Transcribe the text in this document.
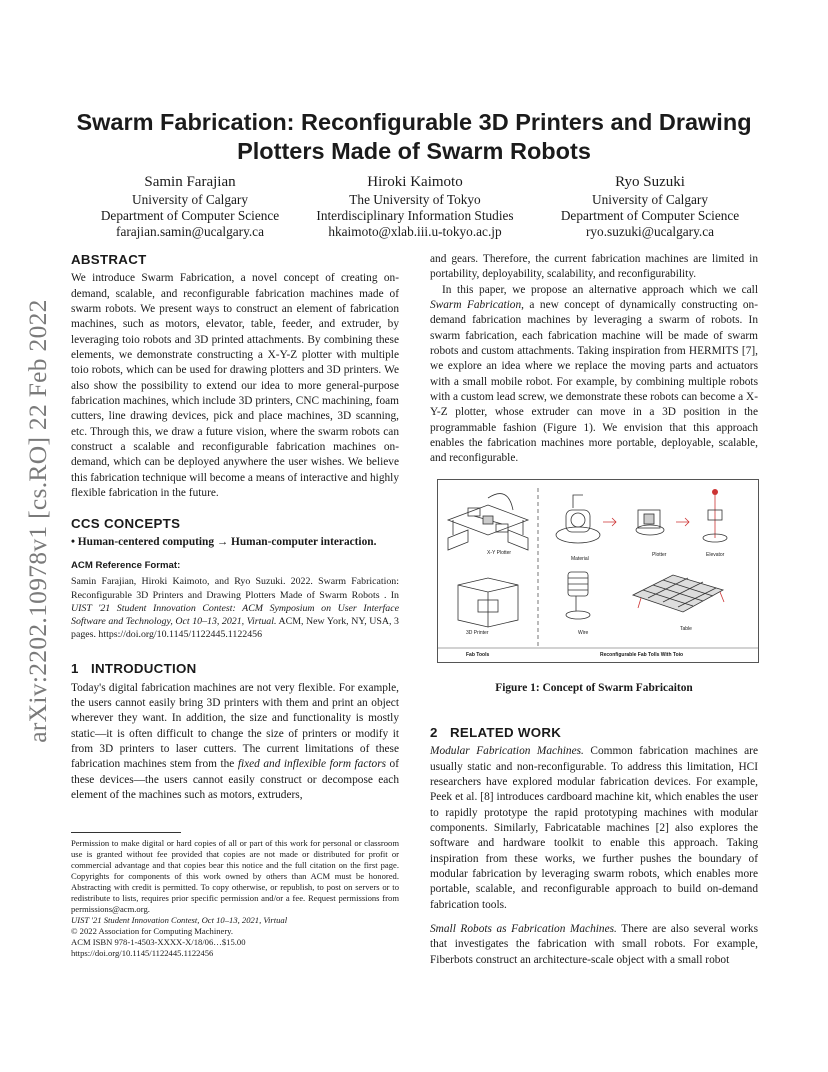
arXiv:2202.10978v1 [cs.RO] 22 Feb 2022
Swarm Fabrication: Reconfigurable 3D Printers and Drawing Plotters Made of Swarm Robots
Samin Farajian
University of Calgary
Department of Computer Science
farajian.samin@ucalgary.ca
Hiroki Kaimoto
The University of Tokyo
Interdisciplinary Information Studies
hkaimoto@xlab.iii.u-tokyo.ac.jp
Ryo Suzuki
University of Calgary
Department of Computer Science
ryo.suzuki@ucalgary.ca
ABSTRACT

We introduce Swarm Fabrication, a novel concept of creating on-demand, scalable, and reconfigurable fabrication machines made of swarm robots. We present ways to construct an element of fabrication machines, such as motors, elevator, table, feeder, and extruder, by leveraging toio robots and 3D printed attachments. By combining these elements, we demonstrate constructing a X-Y-Z plotter with multiple toio robots, which can be used for drawing plotters and 3D printers. We also show the possibility to extend our idea to more general-purpose fabrication machines, which include 3D printers, CNC machining, foam cutters, line drawing devices, pick and place machines, 3D scanning, etc. Through this, we draw a future vision, where the swarm robots can construct a scalable and reconfigurable fabrication machines on-demand, which can be deployed anywhere the user wishes. We believe this fabrication technique will become a means of interactive and highly flexible fabrication in the future.

CCS CONCEPTS

• Human-centered computing → Human-computer interaction.

ACM Reference Format:

Samin Farajian, Hiroki Kaimoto, and Ryo Suzuki. 2022. Swarm Fabrication: Reconfigurable 3D Printers and Drawing Plotters Made of Swarm Robots . In UIST '21 Student Innovation Contest: ACM Symposium on User Interface Software and Technology, Oct 10–13, 2021, Virtual. ACM, New York, NY, USA, 3 pages. https://doi.org/10.1145/1122445.1122456

1 INTRODUCTION

Today's digital fabrication machines are not very flexible. For example, the users cannot easily bring 3D printers with them and print an object wherever they want. In addition, the size and functionality is mostly static—it is often difficult to change the size of printers or modify it from 3D printers to laser cutters. The current limitations of these fabrication machines stem from the fixed and inflexible form factors of these devices—the users cannot easily construct or decompose each element of the machines such as motors, extruders,

and gears. Therefore, the current fabrication machines are limited in portability, deployability, scalability, and reconfigurability.

In this paper, we propose an alternative approach which we call Swarm Fabrication, a new concept of dynamically constructing on-demand fabrication machines by leveraging a swarm of robots. In swarm fabrication, each fabrication machine will be made of swarm robots and custom attachments. Taking inspiration from HERMITS [7], we explore an idea where we replace the moving parts and actuators with a small mobile robot. For example, by combining multiple robots with a custom lead screw, we demonstrate these robots can become a X-Y-Z plotter, whose extruder can move in a 3D position in the programmable fashion (Figure 1). We envision that this approach enables the fabrication machines more portable, deployable, scalable, and reconfigurable.

X-Y Plotter
Material
Plotter	Elevator
3D Printer	Wire
Table
Fab Tools	Reconfigurable Fab Tolls With Toio
Figure 1: Concept of Swarm Fabricaiton
2 RELATED WORK

Modular Fabrication Machines. Common fabrication machines are usually static and non-reconfigurable. To address this limitation, HCI researchers have explored modular fabrication devices. For example, Peek et al. [8] introduces cardboard machine kit, which enables the user to rapidly prototype the rapid prototyping machines with modular components. Similarly, Fabricatable machines [2] also explores the software and hardware toolkit to enable this approach. Taking inspiration from these works, we further pushes the boundary of modular fabrication by leveraging swarm robots, which enables more portable, scalable, and reconfigurable approach to build on-demand fabrication tools.

Small Robots as Fabrication Machines. There are also several works that investigates the fabrication with small robots. For example, Fiberbots construct an architecture-scale object with a small robot

Permission to make digital or hard copies of all or part of this work for personal or classroom use is granted without fee provided that copies are not made or distributed for profit or commercial advantage and that copies bear this notice and the full citation on the first page. Copyrights for components of this work owned by others than ACM must be honored. Abstracting with credit is permitted. To copy otherwise, or republish, to post on servers or to redistribute to lists, requires prior specific permission and/or a fee. Request permissions from permissions@acm.org.
UIST '21 Student Innovation Contest, Oct 10–13, 2021, Virtual
© 2022 Association for Computing Machinery.
ACM ISBN 978-1-4503-XXXX-X/18/06…$15.00
https://doi.org/10.1145/1122445.1122456
